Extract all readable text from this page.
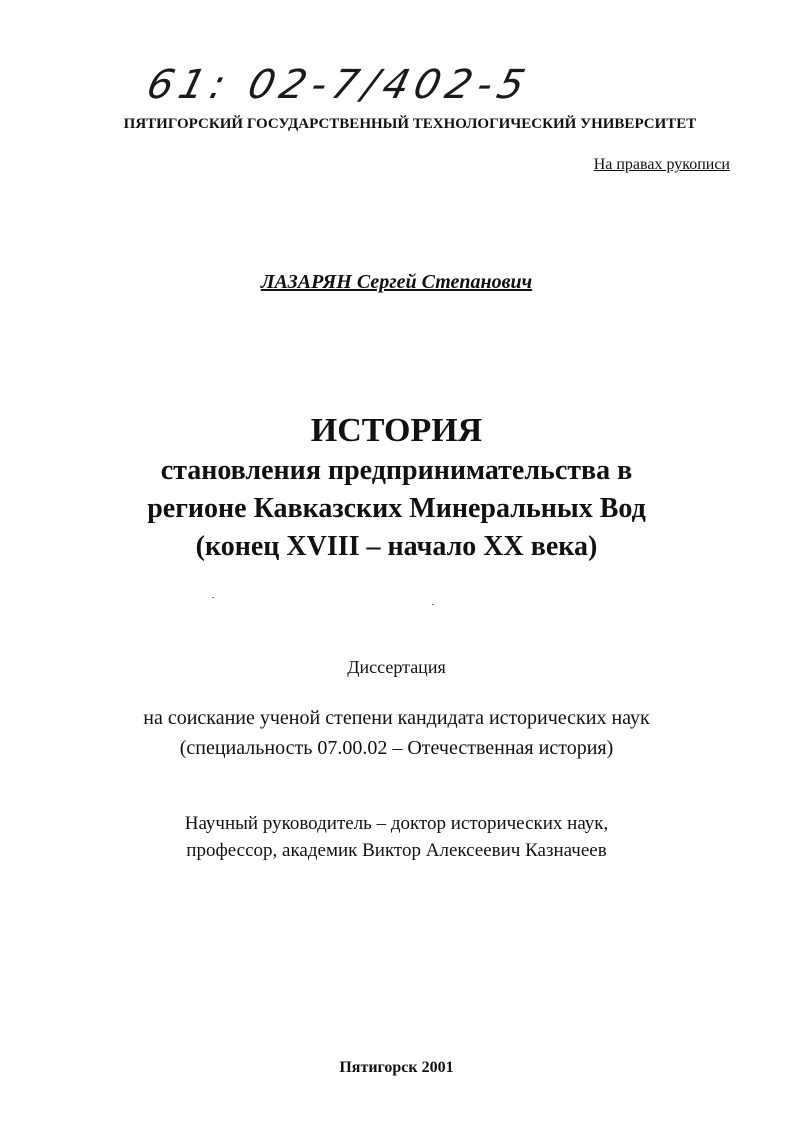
61: 02-7/402-5
ПЯТИГОРСКИЙ ГОСУДАРСТВЕННЫЙ ТЕХНОЛОГИЧЕСКИЙ УНИВЕРСИТЕТ
На правах рукописи
ЛАЗАРЯН Сергей Степанович
ИСТОРИЯ
становления предпринимательства в
регионе Кавказских Минеральных Вод
(конец XVIII – начало XX века)
Диссертация
на соискание ученой степени кандидата исторических наук
(специальность 07.00.02 – Отечественная история)
Научный руководитель – доктор исторических наук,
профессор, академик Виктор Алексеевич Казначеев
Пятигорск 2001
